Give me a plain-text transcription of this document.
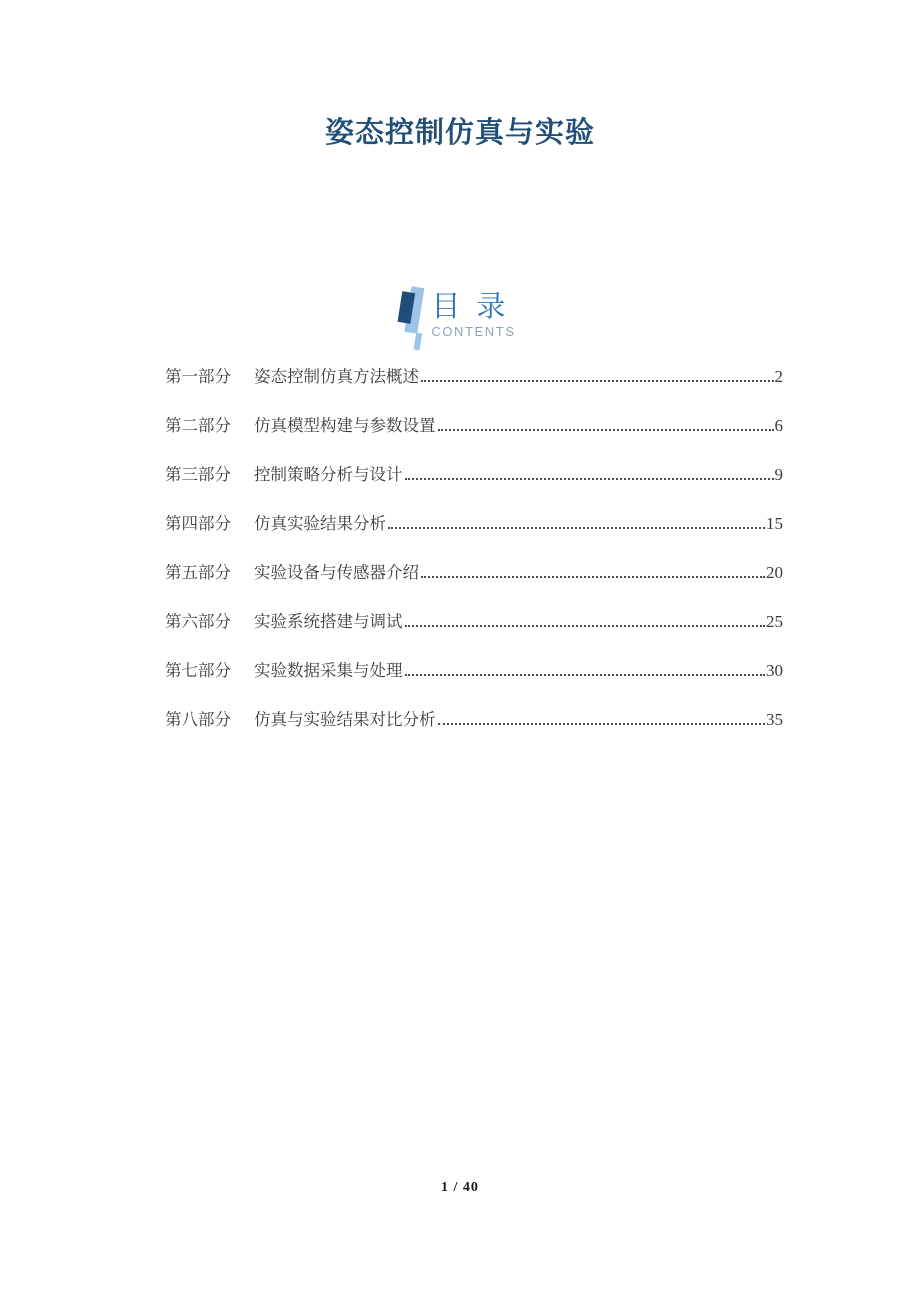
姿态控制仿真与实验
目 录
CONTENTS
第一部分 姿态控制仿真方法概述	2
第二部分 仿真模型构建与参数设置	6
第三部分 控制策略分析与设计	9
第四部分 仿真实验结果分析	15
第五部分 实验设备与传感器介绍	20
第六部分 实验系统搭建与调试	25
第七部分 实验数据采集与处理	30
第八部分 仿真与实验结果对比分析	35
1 / 40
